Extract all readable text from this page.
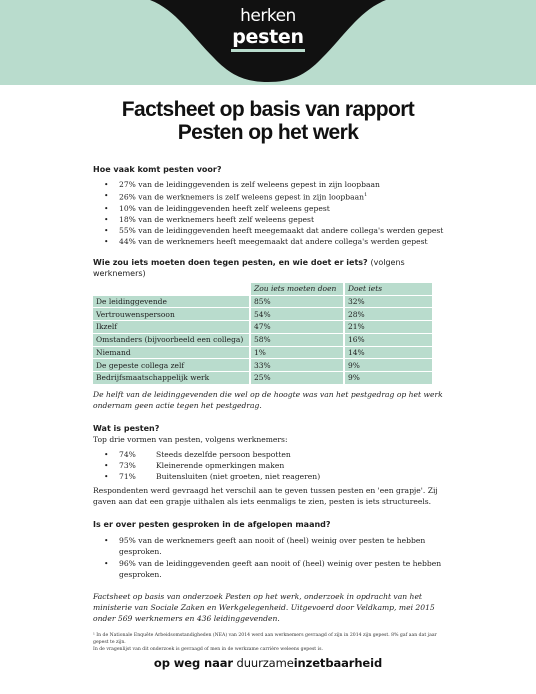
herken
pesten
Factsheet op basis van rapport
Pesten op het werk
Hoe vaak komt pesten voor?
• 27% van de leidinggevenden is zelf weleens gepest in zijn loopbaan
• 26% van de werknemers is zelf weleens gepest in zijn loopbaan$^1$
• 10% van de leidinggevenden heeft zelf weleens gepest
• 18% van de werknemers heeft zelf weleens gepest
• 55% van de leidinggevenden heeft meegemaakt dat andere collega's werden gepest
• 44% van de werknemers heeft meegemaakt dat andere collega's werden gepest
Wie zou iets moeten doen tegen pesten, en wie doet er iets? (volgens werknemers)
	Zou iets moeten doen	Doet iets
De leidinggevende	85%	32%
Vertrouwenspersoon	54%	28%
Ikzelf	47%	21%
Omstanders (bijvoorbeeld een collega)	58%	16%
Niemand	1%	14%
De gepeste collega zelf	33%	9%
Bedrijfsmaatschappelijk werk	25%	9%

De helft van de leidinggevenden die wel op de hoogte was van het pestgedrag op het werk ondernam geen actie tegen het pestgedrag.

Wat is pesten?

Top drie vormen van pesten, volgens werknemers:

• 74%	Steeds dezelfde persoon bespotten
• 73%	Kleinerende opmerkingen maken
• 71%	Buitensluiten (niet groeten, niet reageren)

Respondenten werd gevraagd het verschil aan te geven tussen pesten en 'een grapje'. Zij gaven aan dat een grapje uithalen als iets eenmaligs te zien, pesten is iets structureels.

Is er over pesten gesproken in de afgelopen maand?
• 95% van de werknemers geeft aan nooit of (heel) weinig over pesten te hebben gesproken.
• 96% van de leidinggevenden geeft aan nooit of (heel) weinig over pesten te hebben gesproken.

Factsheet op basis van onderzoek Pesten op het werk, onderzoek in opdracht van het ministerie van Sociale Zaken en Werkgelegenheid. Uitgevoerd door Veldkamp, mei 2015 onder 569 werknemers en 436 leidinggevenden.

¹ In de Nationale Enquête Arbeidsomstandigheden (NEA) van 2014 werd aan werknemers gevraagd of zijn in 2014 zijn gepest. 8% gaf aan dat jaar gepest te zijn.
In de vragenlijst van dit onderzoek is gevraagd of men in de werkzame carrière weleens gepest is.
op weg naar duurzameinzetbaarheid
